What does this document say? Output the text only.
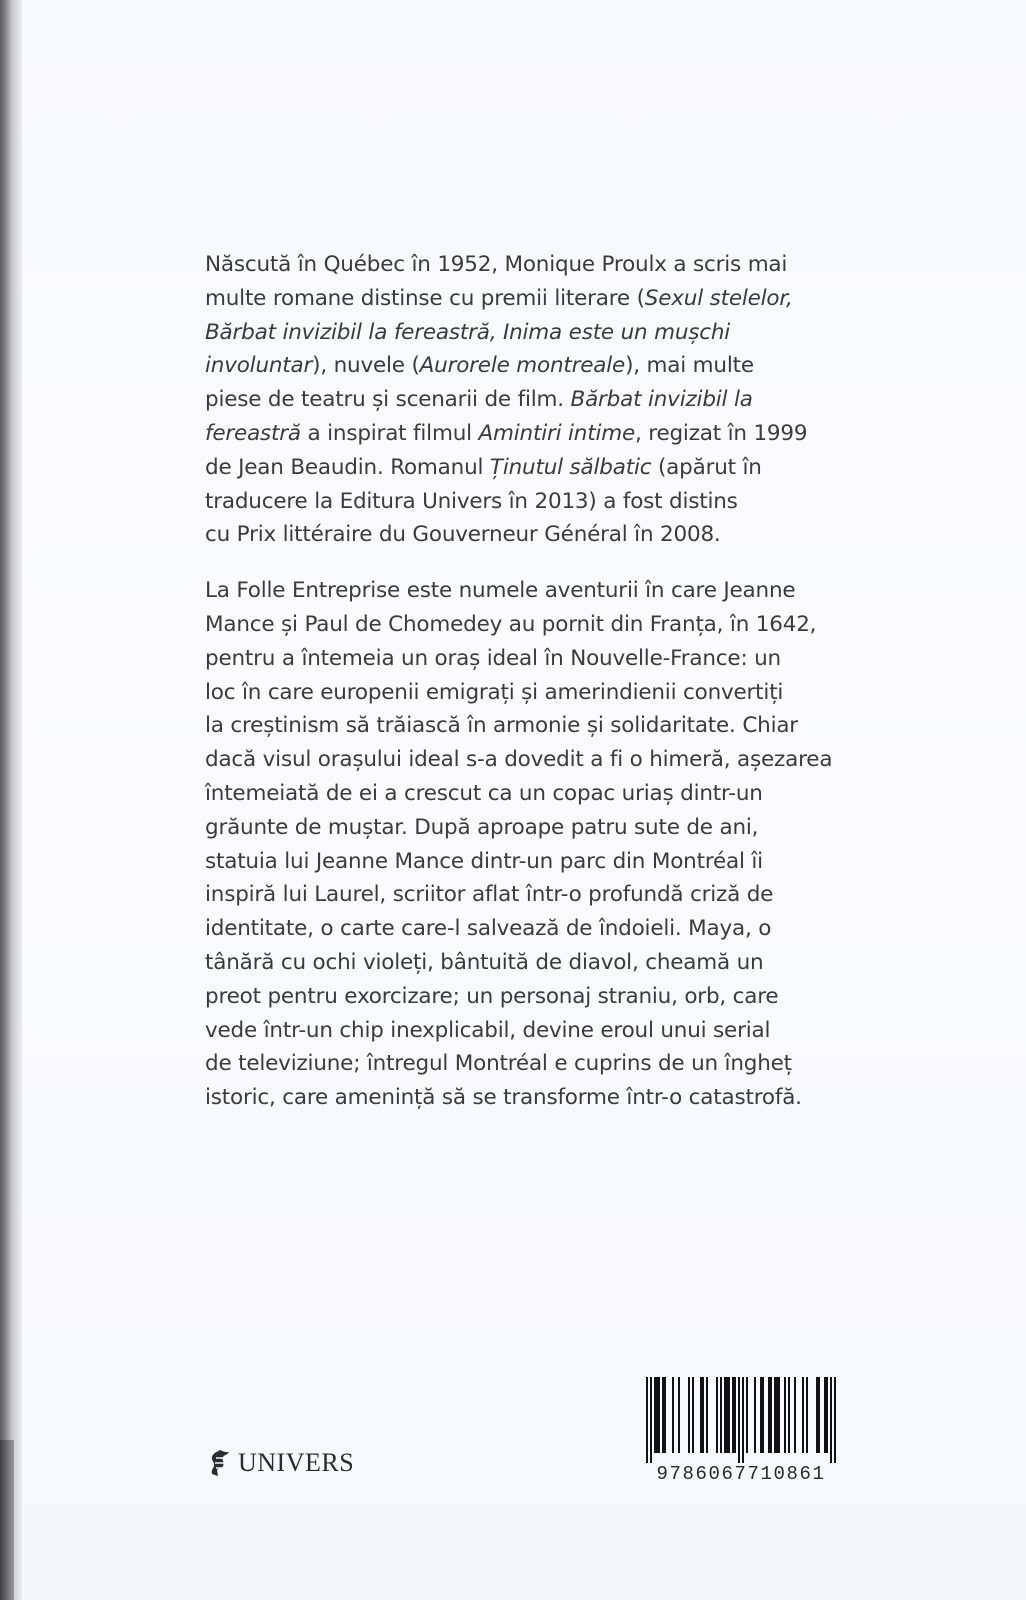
Născută în Québec în 1952, Monique Proulx a scris mai
multe romane distinse cu premii literare (Sexul stelelor,
Bărbat invizibil la fereastră, Inima este un mușchi
involuntar), nuvele (Aurorele montreale), mai multe
piese de teatru și scenarii de film. Bărbat invizibil la
fereastră a inspirat filmul Amintiri intime, regizat în 1999
de Jean Beaudin. Romanul Ținutul sălbatic (apărut în
traducere la Editura Univers în 2013) a fost distins
cu Prix littéraire du Gouverneur Général în 2008.

La Folle Entreprise este numele aventurii în care Jeanne
Mance și Paul de Chomedey au pornit din Franța, în 1642,
pentru a întemeia un oraș ideal în Nouvelle-France: un
loc în care europenii emigrați și amerindienii convertiți
la creștinism să trăiască în armonie și solidaritate. Chiar
dacă visul orașului ideal s-a dovedit a fi o himeră, așezarea
întemeiată de ei a crescut ca un copac uriaș dintr-un
grăunte de muștar. După aproape patru sute de ani,
statuia lui Jeanne Mance dintr-un parc din Montréal îi
inspiră lui Laurel, scriitor aflat într-o profundă criză de
identitate, o carte care-l salvează de îndoieli. Maya, o
tânără cu ochi violeți, bântuită de diavol, cheamă un
preot pentru exorcizare; un personaj straniu, orb, care
vede într-un chip inexplicabil, devine eroul unui serial
de televiziune; întregul Montréal e cuprins de un îngheț
istoric, care amenință să se transforme într-o catastrofă.

UNIVERS	9786067710861
